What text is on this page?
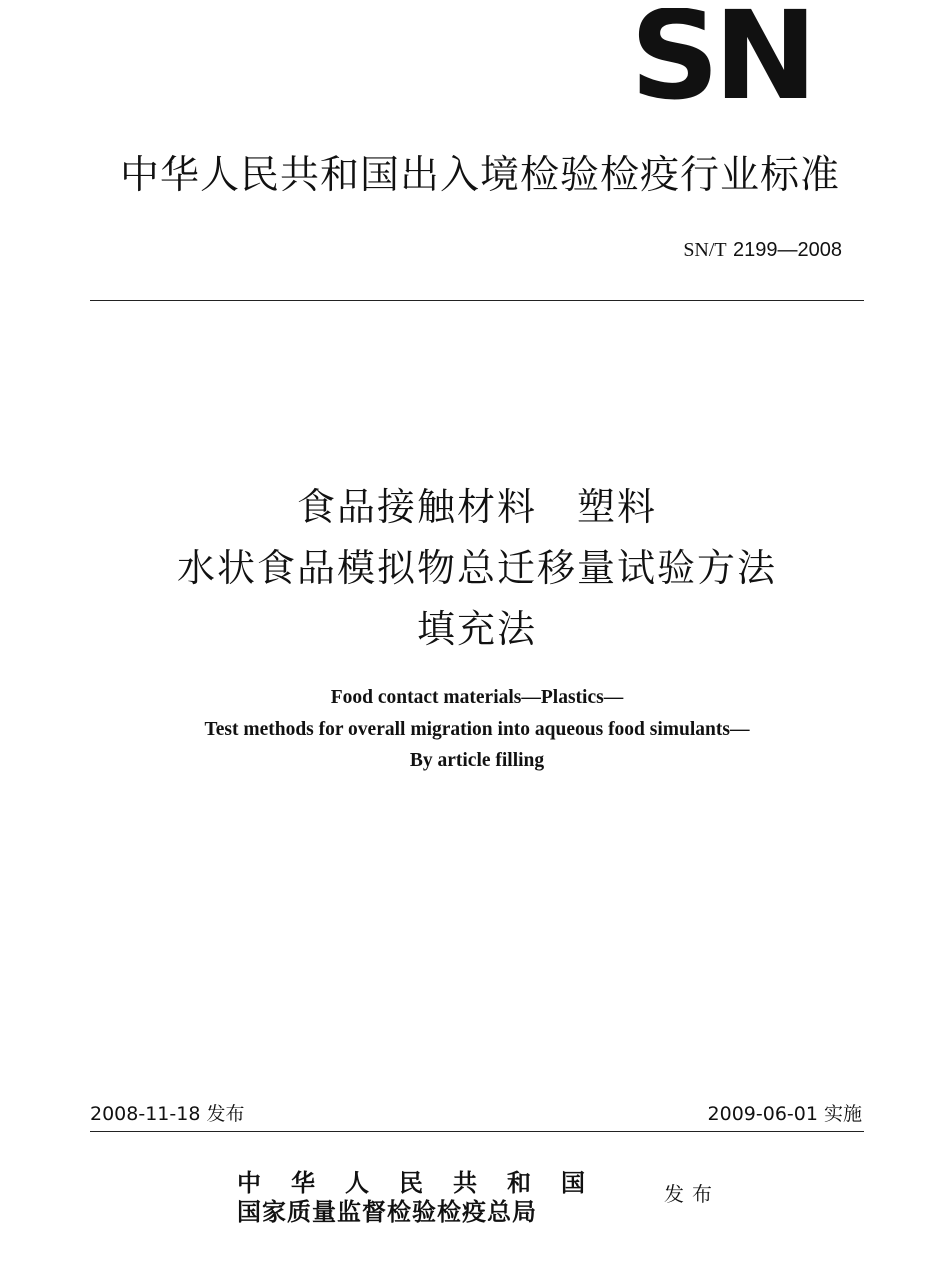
SN
中华人民共和国出入境检验检疫行业标准
SN/T 2199—2008
食品接触材料　塑料
水状食品模拟物总迁移量试验方法
填充法
Food contact materials—Plastics—
Test methods for overall migration into aqueous food simulants—
By article filling
2008-11-18 发布	2009-06-01 实施
中华人民共和国
国家质量监督检验检疫总局
发布
